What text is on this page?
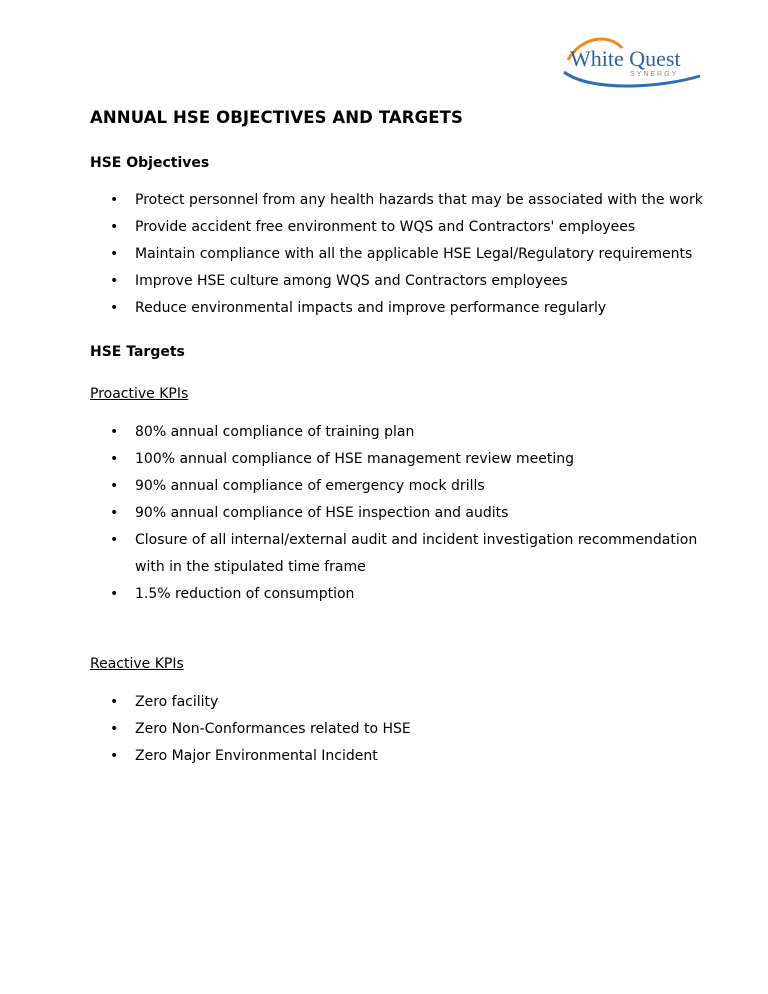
White Quest
SYNERGY
ANNUAL HSE OBJECTIVES AND TARGETS
HSE Objectives
• Protect personnel from any health hazards that may be associated with the work
• Provide accident free environment to WQS and Contractors' employees
• Maintain compliance with all the applicable HSE Legal/Regulatory requirements
• Improve HSE culture among WQS and Contractors employees
• Reduce environmental impacts and improve performance regularly
HSE Targets
Proactive KPIs
• 80% annual compliance of training plan
• 100% annual compliance of HSE management review meeting
• 90% annual compliance of emergency mock drills
• 90% annual compliance of HSE inspection and audits
• Closure of all internal/external audit and incident investigation recommendation with in the stipulated time frame
• 1.5% reduction of consumption
Reactive KPIs
• Zero facility
• Zero Non-Conformances related to HSE
• Zero Major Environmental Incident
